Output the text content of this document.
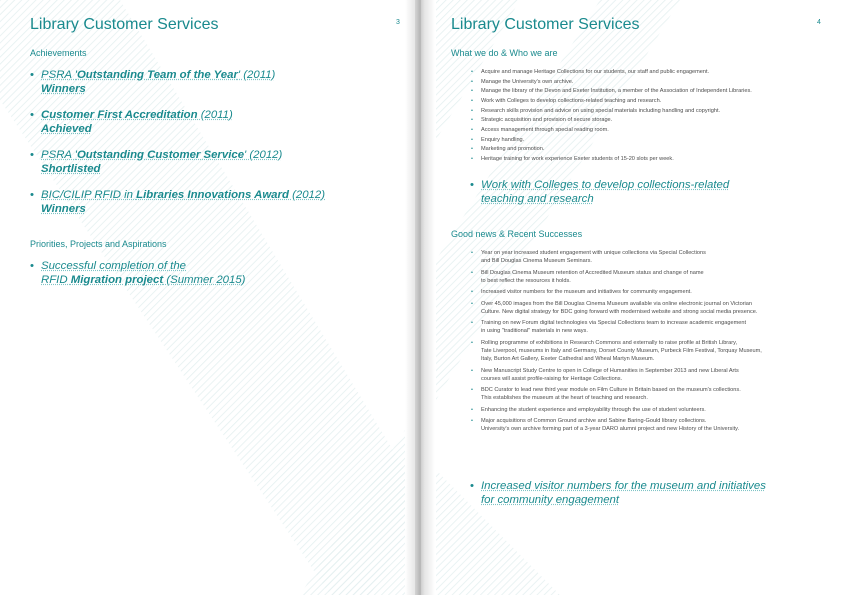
Library Customer Services	3
Achievements
• PSRA 'Outstanding Team of the Year' (2011)
Winners
• Customer First Accreditation (2011)
Achieved
• PSRA 'Outstanding Customer Service' (2012)
Shortlisted
• BIC/CILIP RFID in Libraries Innovations Award (2012)
Winners
Priorities, Projects and Aspirations
• Successful completion of the
RFID Migration project (Summer 2015)
Library Customer Services	4
What we do & Who we are
• Acquire and manage Heritage Collections for our students, our staff and public engagement.
• Manage the University's own archive.
• Manage the library of the Devon and Exeter Institution, a member of the Association of Independent Libraries.
• Work with Colleges to develop collections-related teaching and research.
• Research skills provision and advice on using special materials including handling and copyright.
• Strategic acquisition and provision of secure storage.
• Access management through special reading room.
• Enquiry handling.
• Marketing and promotion.
• Heritage training for work experience Exeter students of 15-20 slots per week.
• Work with Colleges to develop collections-related
teaching and research
Good news & Recent Successes
• Year on year increased student engagement with unique collections via Special Collections
and Bill Douglas Cinema Museum Seminars.
• Bill Douglas Cinema Museum retention of Accredited Museum status and change of name
to best reflect the resources it holds.
• Increased visitor numbers for the museum and initiatives for community engagement.
• Over 45,000 images from the Bill Douglas Cinema Museum available via online electronic journal on Victorian
Culture. New digital strategy for BDC going forward with modernised website and strong social media presence.
• Training on new Forum digital technologies via Special Collections team to increase academic engagement
in using "traditional" materials in new ways.
• Rolling programme of exhibitions in Research Commons and externally to raise profile at British Library,
Tate Liverpool, museums in Italy and Germany, Dorset County Museum, Purbeck Film Festival, Torquay Museum,
Italy, Burton Art Gallery, Exeter Cathedral and Wheal Martyn Museum.
• New Manuscript Study Centre to open in College of Humanities in September 2013 and new Liberal Arts
courses will assist profile-raising for Heritage Collections.
• BDC Curator to lead new third year module on Film Culture in Britain based on the museum's collections.
This establishes the museum at the heart of teaching and research.
• Enhancing the student experience and employability through the use of student volunteers.
• Major acquisitions of Common Ground archive and Sabine Baring-Gould library collections.
University's own archive forming part of a 3-year DARO alumni project and new History of the University.
• Increased visitor numbers for the museum and initiatives
for community engagement
